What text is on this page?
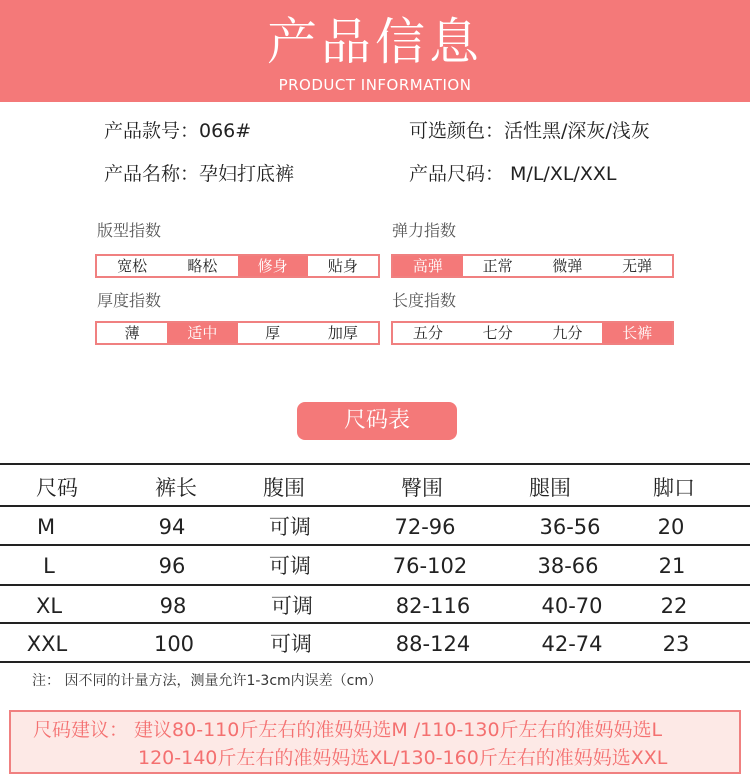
产品信息
PRODUCT INFORMATION
产品款号：066#	可选颜色：活性黑/深灰/浅灰
产品名称：孕妇打底裤	产品尺码： M/L/XL/XXL
版型指数
宽松	略松	修身	贴身
弹力指数
高弹	正常	微弹	无弹
厚度指数
薄	适中	厚	加厚
长度指数
五分	七分	九分	长裤
尺码表
尺码	裤长	腹围	臀围	腿围	脚口
M	94	可调	72-96	36-56	20
L	96	可调	76-102	38-66	21
XL	98	可调	82-116	40-70	22
XXL	100	可调	88-124	42-74	23
注： 因不同的计量方法，测量允许1-3cm内误差（cm）
尺码建议： 建议80-110斤左右的准妈妈选M /110-130斤左右的准妈妈选L
120-140斤左右的准妈妈选XL/130-160斤左右的准妈妈选XXL
